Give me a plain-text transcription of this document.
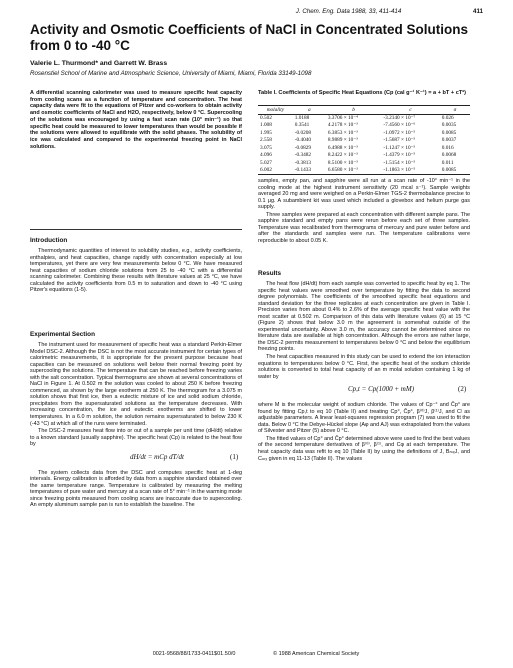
J. Chem. Eng. Data 1988, 33, 411-414	411
Activity and Osmotic Coefficients of NaCl in Concentrated Solutions from 0 to -40 °C
Valerie L. Thurmond* and Garrett W. Brass
Rosenstiel School of Marine and Atmospheric Science, University of Miami, Miami, Florida 33149-1098
A differential scanning calorimeter was used to measure specific heat capacity from cooling scans as a function of temperature and concentration. The heat capacity data were fit to the equations of Pitzer and co-workers to obtain activity and osmotic coefficients of NaCl and H2O, respectively, below 0 °C. Supercooling of the solutions was encouraged by using a fast scan rate (10° min⁻¹) so that specific heat could be measured to lower temperatures than would be possible if the solutions were allowed to equilibrate with the solid phases. The solubility of ice was calculated and compared to the experimental freezing point in NaCl solutions.
Introduction

Thermodynamic quantities of interest to solubility studies, e.g., activity coefficients, enthalpies, and heat capacities, change rapidly with concentration especially at low temperatures, yet there are very few measurements below 0 °C. We have measured heat capacities of sodium chloride solutions from 25 to -40 °C with a differential scanning calorimeter. Combining these results with literature values at 25 °C, we have calculated the activity coefficients from 0.5 m to saturation and down to -40 °C using Pitzer's equations (1-5).

Experimental Section

The instrument used for measurement of specific heat was a standard Perkin-Elmer Model DSC-2. Although the DSC is not the most accurate instrument for certain types of calorimetric measurements, it is appropriate for the present purpose because heat capacities can be measured on solutions well below their normal freezing point by supercooling the solutions. The temperature that can be reached before freezing varies with the salt concentration. Typical thermograms are shown at several concentrations of NaCl in Figure 1. At 0.502 m the solution was cooled to about 250 K before freezing commenced, as shown by the large exotherm at 250 K. The thermogram for a 3.075 m solution shows that first ice, then a eutectic mixture of ice and solid sodium chloride, precipitates from the supersaturated solutions as the temperature decreases. With increasing concentration, the ice and eutectic exotherms are shifted to lower temperatures. In a 6.0 m solution, the solution remains supersaturated to below 230 K (-43 °C) at which all of the runs were terminated.

The DSC-2 measures heat flow into or out of a sample per unit time (dH/dt) relative to a known standard (usually sapphire). The specific heat (Cp) is related to the heat flow by

dH/dt = mCp dT/dt	(1)

The system collects data from the DSC and computes specific heat at 1-deg intervals. Energy calibration is afforded by data from a sapphire standard obtained over the same temperature range. Temperature is calibrated by measuring the melting temperatures of pure water and mercury at a scan rate of 5° min⁻¹ in the warming mode since freezing points measured from cooling scans are inaccurate due to supercooling. An empty aluminum sample pan is run to establish the baseline. The

Table I. Coefficients of Specific Heat Equations (Cp (cal g⁻¹ K⁻¹) = a + bT + cT²)
molality	a	b	c	σ
0.502	1.0188	3.3706 × 10⁻⁴	-3.2140 × 10⁻⁷	0.026
1.008	0.3541	4.2178 × 10⁻³	-7.4560 × 10⁻⁶	0.0035
1.995	-0.0208	6.3853 × 10⁻³	-1.0972 × 10⁻⁵	0.0085
2.558	-0.4040	8.9889 × 10⁻³	-1.5687 × 10⁻⁵	0.0037
3.075	-0.0829	6.4988 × 10⁻³	-1.1247 × 10⁻⁵	0.016
4.096	-0.3482	8.2422 × 10⁻³	-1.4379 × 10⁻⁵	0.0068
5.027	-0.3813	8.5100 × 10⁻³	-1.5154 × 10⁻⁵	0.011
6.002	-0.1433	6.6580 × 10⁻³	-1.1863 × 10⁻⁵	0.0085

samples, empty pan, and sapphire were all run at a scan rate of -10° min⁻¹ in the cooling mode at the highest instrument sensitivity (20 mcal s⁻¹). Sample weights averaged 20 mg and were weighed on a Perkin-Elmer TGS-2 thermobalance precise to 0.1 μg. A subambient kit was used which included a glovebox and helium purge gas supply.

Three samples were prepared at each concentration with different sample pans. The sapphire standard and empty pans were rerun before each set of three samples. Temperature was recalibrated from thermograms of mercury and pure water before and after the standards and samples were run. The temperature calibrations were reproducible to about 0.05 K.

Results

The heat flow (dH/dt) from each sample was converted to specific heat by eq 1. The specific heat values were smoothed over temperature by fitting the data to second degree polynomials. The coefficients of the smoothed specific heat equations and standard deviation for the three replicates at each concentration are given in Table I. Precision varies from about 0.4% to 2.6% of the average specific heat value with the most scatter at 0.502 m. Comparison of this data with literature values (6) at 15 °C (Figure 2) shows that below 3.0 m the agreement is somewhat outside of the experimental uncertainty. Above 3.0 m, the accuracy cannot be determined since no literature data are available at high concentration. Although the errors are rather large, the DSC-2 permits measurement to temperatures below 0 °C and below the equilibrium freezing points.

The heat capacities measured in this study can be used to extend the ion interaction equations to temperatures below 0 °C. First, the specific heat of the sodium chloride solutions is converted to total heat capacity of an m molal solution containing 1 kg of water by

Cp,t = Cp(1000 + mM)	(2)

where M is the molecular weight of sodium chloride. The values of Cp⁻° and Čp° are found by fitting Cp,t to eq 10 (Table II) and treating Cp°, Čp°, β⁽⁰⁾J, β⁽¹⁾J, and Cʲ as adjustable parameters. A linear least-squares regression program (7) was used to fit the data. Below 0 °C the Debye-Hückel slope (Aφ and AJ) was extrapolated from the values of Silvester and Pitzer (5) above 0 °C.

The fitted values of Cp° and Čp° determined above were used to find the best values of the second temperature derivatives of β⁽⁰⁾, β⁽¹⁾, and Cφ at each temperature. The heat capacity data was refit to eq 10 (Table II) by using the definitions of J, BₘₓJ, and Cₘₓ given in eq 11-13 (Table II). The values

0021-9568/88/1733-0411$01.50/0	© 1988 American Chemical Society
